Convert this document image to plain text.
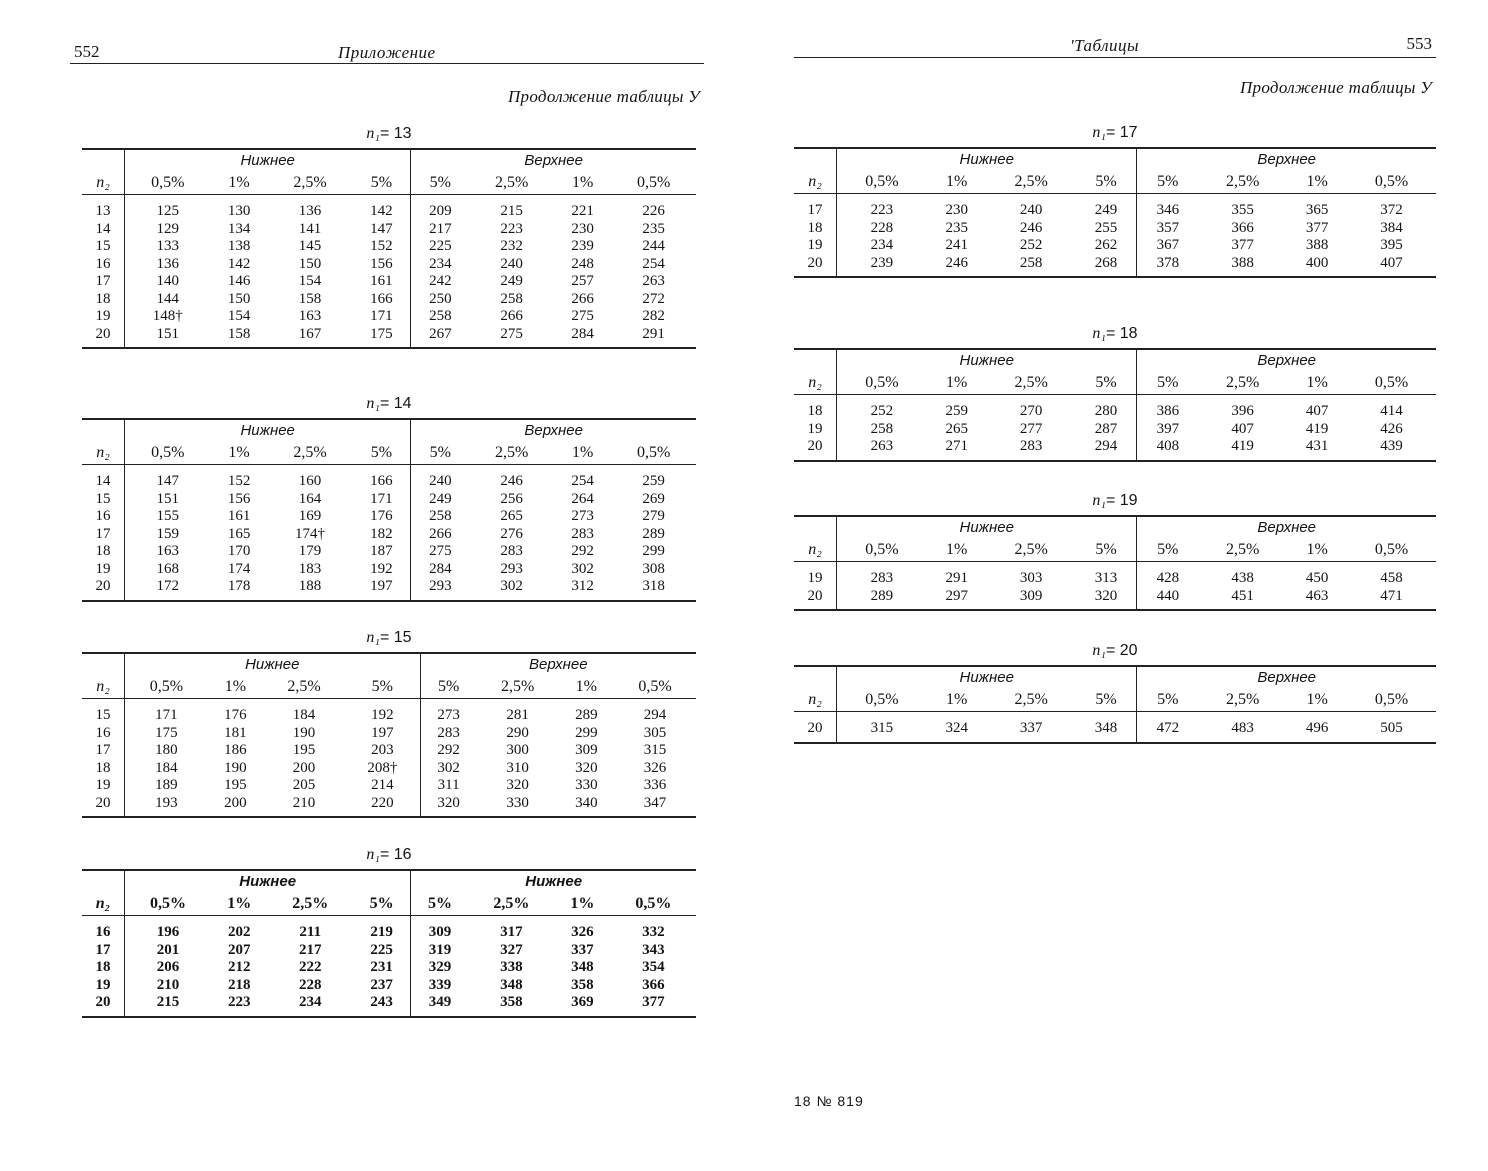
552	Приложение
Продолжение таблицы У
n₁= 13
	Нижнее				Верхнее			
n₂	0,5%	1%	2,5%	5%	5%	2,5%	1%	0,5%
13	125	130	136	142	209	215	221	226
14	129	134	141	147	217	223	230	235
15	133	138	145	152	225	232	239	244
16	136	142	150	156	234	240	248	254
17	140	146	154	161	242	249	257	263
18	144	150	158	166	250	258	266	272
19	148†	154	163	171	258	266	275	282
20	151	158	167	175	267	275	284	291
n₁= 14
	Нижнее				Верхнее			
n₂	0,5%	1%	2,5%	5%	5%	2,5%	1%	0,5%
14	147	152	160	166	240	246	254	259
15	151	156	164	171	249	256	264	269
16	155	161	169	176	258	265	273	279
17	159	165	174†	182	266	276	283	289
18	163	170	179	187	275	283	292	299
19	168	174	183	192	284	293	302	308
20	172	178	188	197	293	302	312	318
n₁= 15
	Нижнее				Верхнее			
n₂	0,5%	1%	2,5%	5%	5%	2,5%	1%	0,5%
15	171	176	184	192	273	281	289	294
16	175	181	190	197	283	290	299	305
17	180	186	195	203	292	300	309	315
18	184	190	200	208†	302	310	320	326
19	189	195	205	214	311	320	330	336
20	193	200	210	220	320	330	340	347
n₁= 16
	Нижнее				Нижнее			
n₂	0,5%	1%	2,5%	5%	5%	2,5%	1%	0,5%
16	196	202	211	219	309	317	326	332
17	201	207	217	225	319	327	337	343
18	206	212	222	231	329	338	348	354
19	210	218	228	237	339	348	358	366
20	215	223	234	243	349	358	369	377
'Таблицы	553
Продолжение таблицы У
n₁= 17
	Нижнее				Верхнее			
n₂	0,5%	1%	2,5%	5%	5%	2,5%	1%	0,5%
17	223	230	240	249	346	355	365	372
18	228	235	246	255	357	366	377	384
19	234	241	252	262	367	377	388	395
20	239	246	258	268	378	388	400	407
n₁= 18
	Нижнее				Верхнее			
n₂	0,5%	1%	2,5%	5%	5%	2,5%	1%	0,5%
18	252	259	270	280	386	396	407	414
19	258	265	277	287	397	407	419	426
20	263	271	283	294	408	419	431	439
n₁= 19
	Нижнее				Верхнее			
n₂	0,5%	1%	2,5%	5%	5%	2,5%	1%	0,5%
19	283	291	303	313	428	438	450	458
20	289	297	309	320	440	451	463	471
n₁= 20
	Нижнее				Верхнее			
n₂	0,5%	1%	2,5%	5%	5%	2,5%	1%	0,5%
20	315	324	337	348	472	483	496	505
18 № 819
